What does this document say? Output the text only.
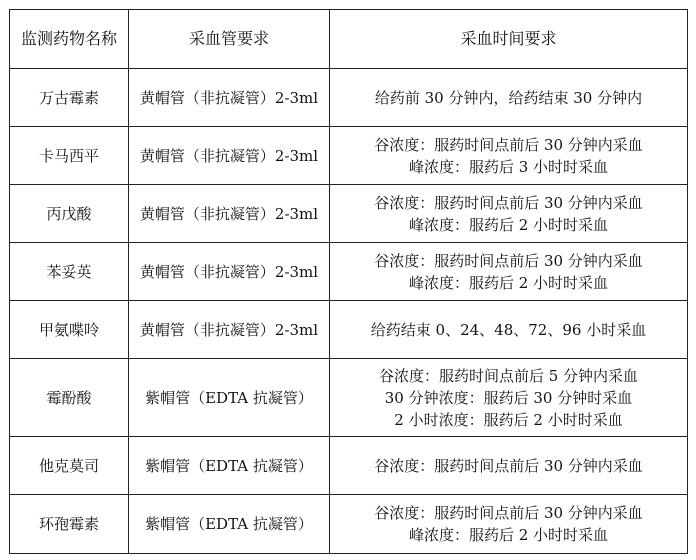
监测药物名称	采血管要求	采血时间要求
万古霉素	黄帽管（非抗凝管）2-3ml	给药前 30 分钟内，给药结束 30 分钟内

卡马西平	黄帽管（非抗凝管）2-3ml	谷浓度：服药时间点前后 30 分钟内采血
峰浓度：服药后 3 小时时采血

丙戊酸	黄帽管（非抗凝管）2-3ml	谷浓度：服药时间点前后 30 分钟内采血
峰浓度：服药后 2 小时时采血

苯妥英	黄帽管（非抗凝管）2-3ml	谷浓度：服药时间点前后 30 分钟内采血
峰浓度：服药后 2 小时时采血

甲氨喋呤	黄帽管（非抗凝管）2-3ml	给药结束 0、24、48、72、96 小时采血

霉酚酸	紫帽管（EDTA 抗凝管）	谷浓度：服药时间点前后 5 分钟内采血
30 分钟浓度：服药后 30 分钟时采血
2 小时浓度：服药后 2 小时时采血

他克莫司	紫帽管（EDTA 抗凝管）	谷浓度：服药时间点前后 30 分钟内采血

环孢霉素	紫帽管（EDTA 抗凝管）	谷浓度：服药时间点前后 30 分钟内采血
峰浓度：服药后 2 小时时采血
